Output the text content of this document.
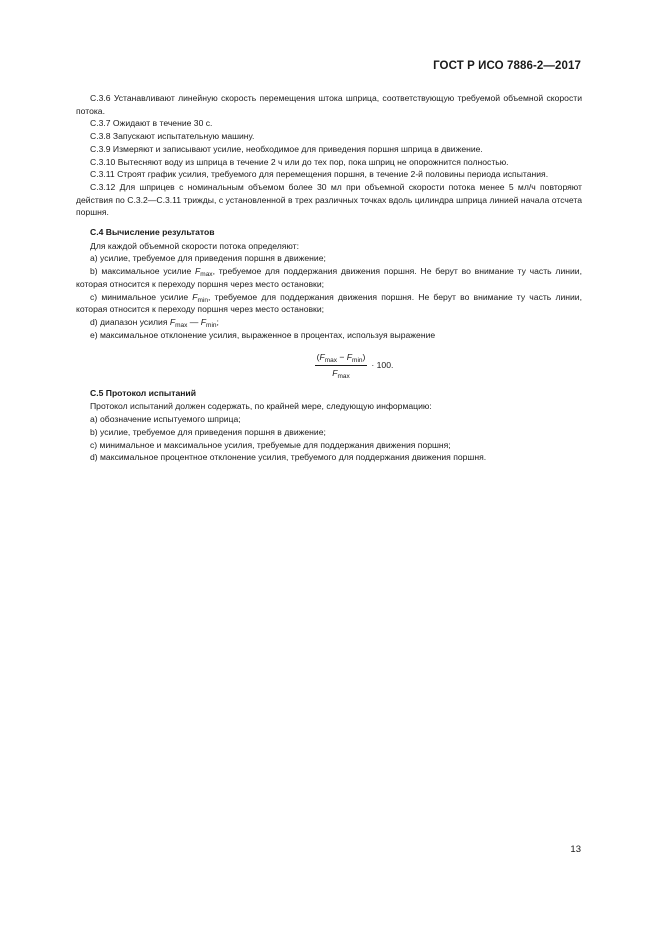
ГОСТ Р ИСО 7886-2—2017

С.3.6 Устанавливают линейную скорость перемещения штока шприца, соответствующую требуемой объемной скорости потока.

С.3.7 Ожидают в течение 30 с.

С.3.8 Запускают испытательную машину.

С.3.9 Измеряют и записывают усилие, необходимое для приведения поршня шприца в движение.

С.3.10 Вытесняют воду из шприца в течение 2 ч или до тех пор, пока шприц не опорожнится полностью.

С.3.11 Строят график усилия, требуемого для перемещения поршня, в течение 2-й половины периода испытания.

С.3.12 Для шприцев с номинальным объемом более 30 мл при объемной скорости потока менее 5 мл/ч повторяют действия по С.3.2—С.3.11 трижды, с установленной в трех различных точках вдоль цилиндра шприца линией начала отсчета поршня.

С.4 Вычисление результатов

Для каждой объемной скорости потока определяют:

а) усилие, требуемое для приведения поршня в движение;

b) максимальное усилие $F_{max}$, требуемое для поддержания движения поршня. Не берут во внимание ту часть линии, которая относится к переходу поршня через место остановки;

с) минимальное усилие $F_{min}$, требуемое для поддержания движения поршня. Не берут во внимание ту часть линии, которая относится к переходу поршня через место остановки;

d) диапазон усилия $F_{max}$ — $F_{min}$;

е) максимальное отклонение усилия, выраженное в процентах, используя выражение

$\frac{(F_{max} - F_{min})}{F_{max}} \cdot 100$.

С.5 Протокол испытаний

Протокол испытаний должен содержать, по крайней мере, следующую информацию:

а) обозначение испытуемого шприца;

b) усилие, требуемое для приведения поршня в движение;

с) минимальное и максимальное усилия, требуемые для поддержания движения поршня;

d) максимальное процентное отклонение усилия, требуемого для поддержания движения поршня.

13
